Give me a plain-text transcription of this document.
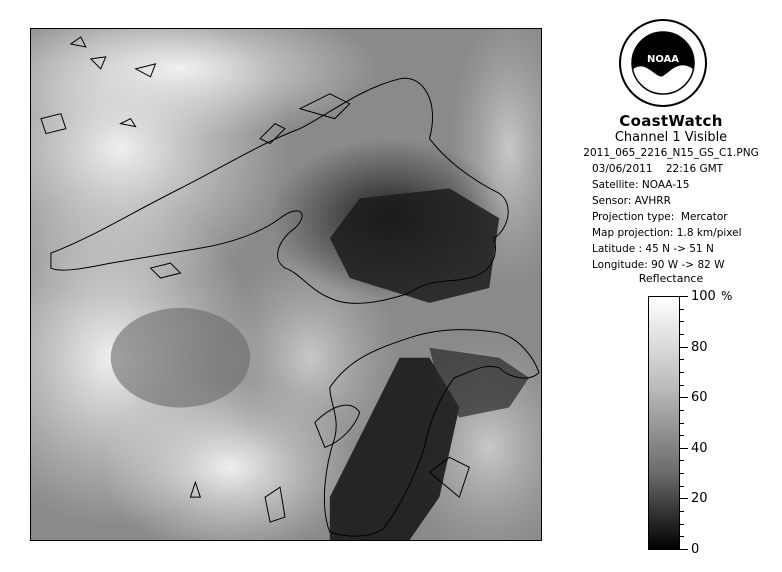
NOAA
CoastWatch
Channel 1 Visible
2011_065_2216_N15_GS_C1.PNG
03/06/2011    22:16 GMT
Satellite: NOAA-15
Sensor: AVHRR
Projection type:  Mercator
Map projection: 1.8 km/pixel
Latitude : 45 N -> 51 N
Longitude: 90 W -> 82 W
Reflectance
%
100
80
60
40
20
0
